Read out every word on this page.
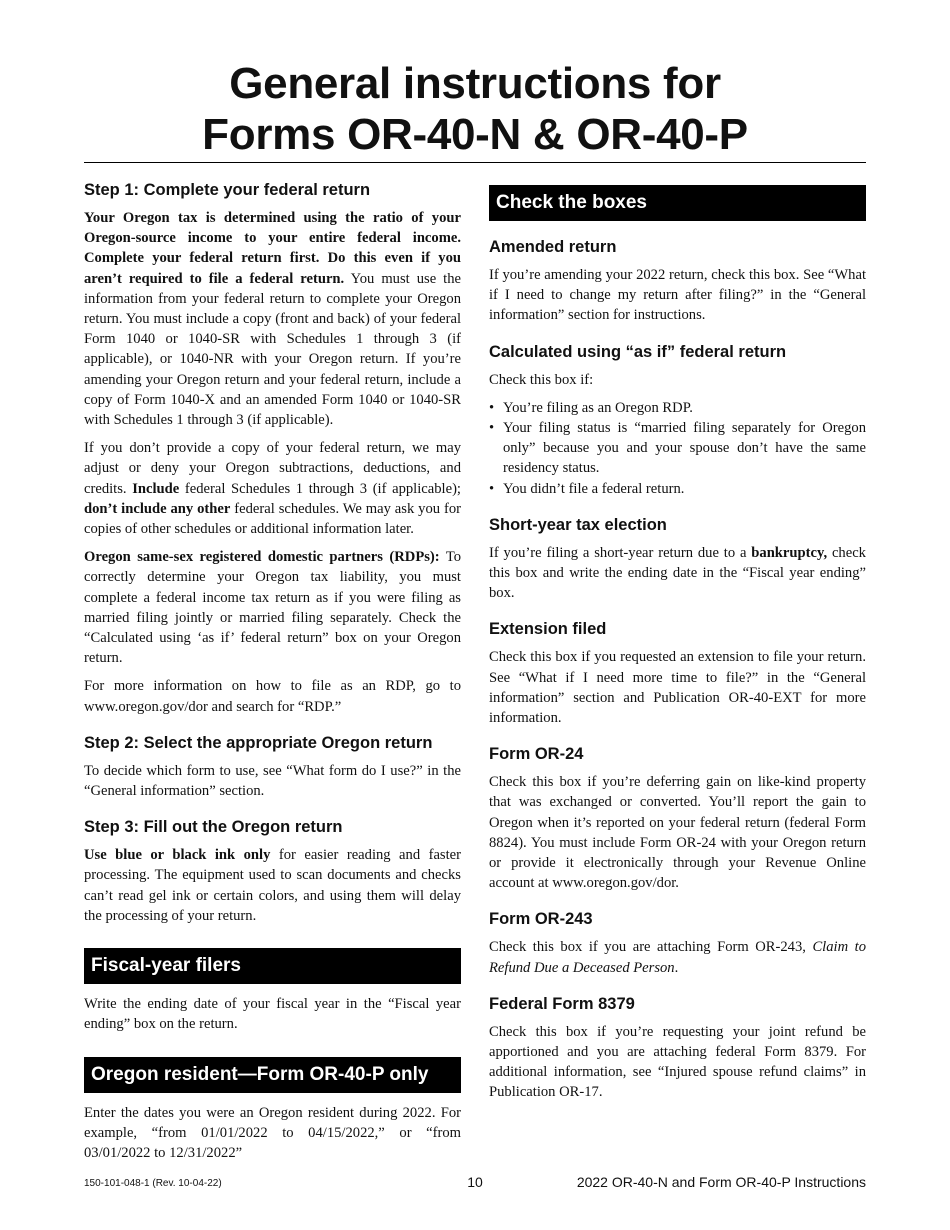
General instructions for
Forms OR-40-N & OR-40-P
Step 1: Complete your federal return

Your Oregon tax is determined using the ratio of your Oregon-source income to your entire federal income. Complete your federal return first. Do this even if you aren’t required to file a federal return. You must use the information from your federal return to complete your Oregon return. You must include a copy (front and back) of your federal Form 1040 or 1040-SR with Schedules 1 through 3 (if applicable), or 1040-NR with your Oregon return. If you’re amending your Oregon return and your federal return, include a copy of Form 1040-X and an amended Form 1040 or 1040-SR with Schedules 1 through 3 (if applicable).

If you don’t provide a copy of your federal return, we may adjust or deny your Oregon subtractions, deductions, and credits. Include federal Schedules 1 through 3 (if applicable); don’t include any other federal schedules. We may ask you for copies of other schedules or additional information later.

Oregon same-sex registered domestic partners (RDPs): To correctly determine your Oregon tax liability, you must complete a federal income tax return as if you were filing as married filing jointly or married filing separately. Check the “Calculated using ‘as if’ federal return” box on your Oregon return.

For more information on how to file as an RDP, go to www.oregon.gov/dor and search for “RDP.”

Step 2: Select the appropriate Oregon return

To decide which form to use, see “What form do I use?” in the “General information” section.

Step 3: Fill out the Oregon return

Use blue or black ink only for easier reading and faster processing. The equipment used to scan documents and checks can’t read gel ink or certain colors, and using them will delay the processing of your return.

Fiscal-year filers

Write the ending date of your fiscal year in the “Fiscal year ending” box on the return.

Oregon resident—Form OR-40-P only

Enter the dates you were an Oregon resident during 2022. For example, “from 01/01/2022 to 04/15/2022,” or “from 03/01/2022 to 12/31/2022”

Check the boxes
Amended return

If you’re amending your 2022 return, check this box. See “What if I need to change my return after filing?” in the “General information” section for instructions.

Calculated using “as if” federal return

Check this box if:

• You’re filing as an Oregon RDP.
• Your filing status is “married filing separately for Oregon only” because you and your spouse don’t have the same residency status.
• You didn’t file a federal return.
Short-year tax election

If you’re filing a short-year return due to a bankruptcy, check this box and write the ending date in the “Fiscal year ending” box.

Extension filed

Check this box if you requested an extension to file your return. See “What if I need more time to file?” in the “General information” section and Publication OR-40-EXT for more information.

Form OR-24

Check this box if you’re deferring gain on like-kind property that was exchanged or converted. You’ll report the gain to Oregon when it’s reported on your federal return (federal Form 8824). You must include Form OR-24 with your Oregon return or provide it electronically through your Revenue Online account at www.oregon.gov/dor.

Form OR-243

Check this box if you are attaching Form OR-243, Claim to Refund Due a Deceased Person.

Federal Form 8379

Check this box if you’re requesting your joint refund be apportioned and you are attaching federal Form 8379. For additional information, see “Injured spouse refund claims” in Publication OR-17.

150-101-048-1 (Rev. 10-04-22)	10	2022 OR-40-N and Form OR-40-P Instructions
